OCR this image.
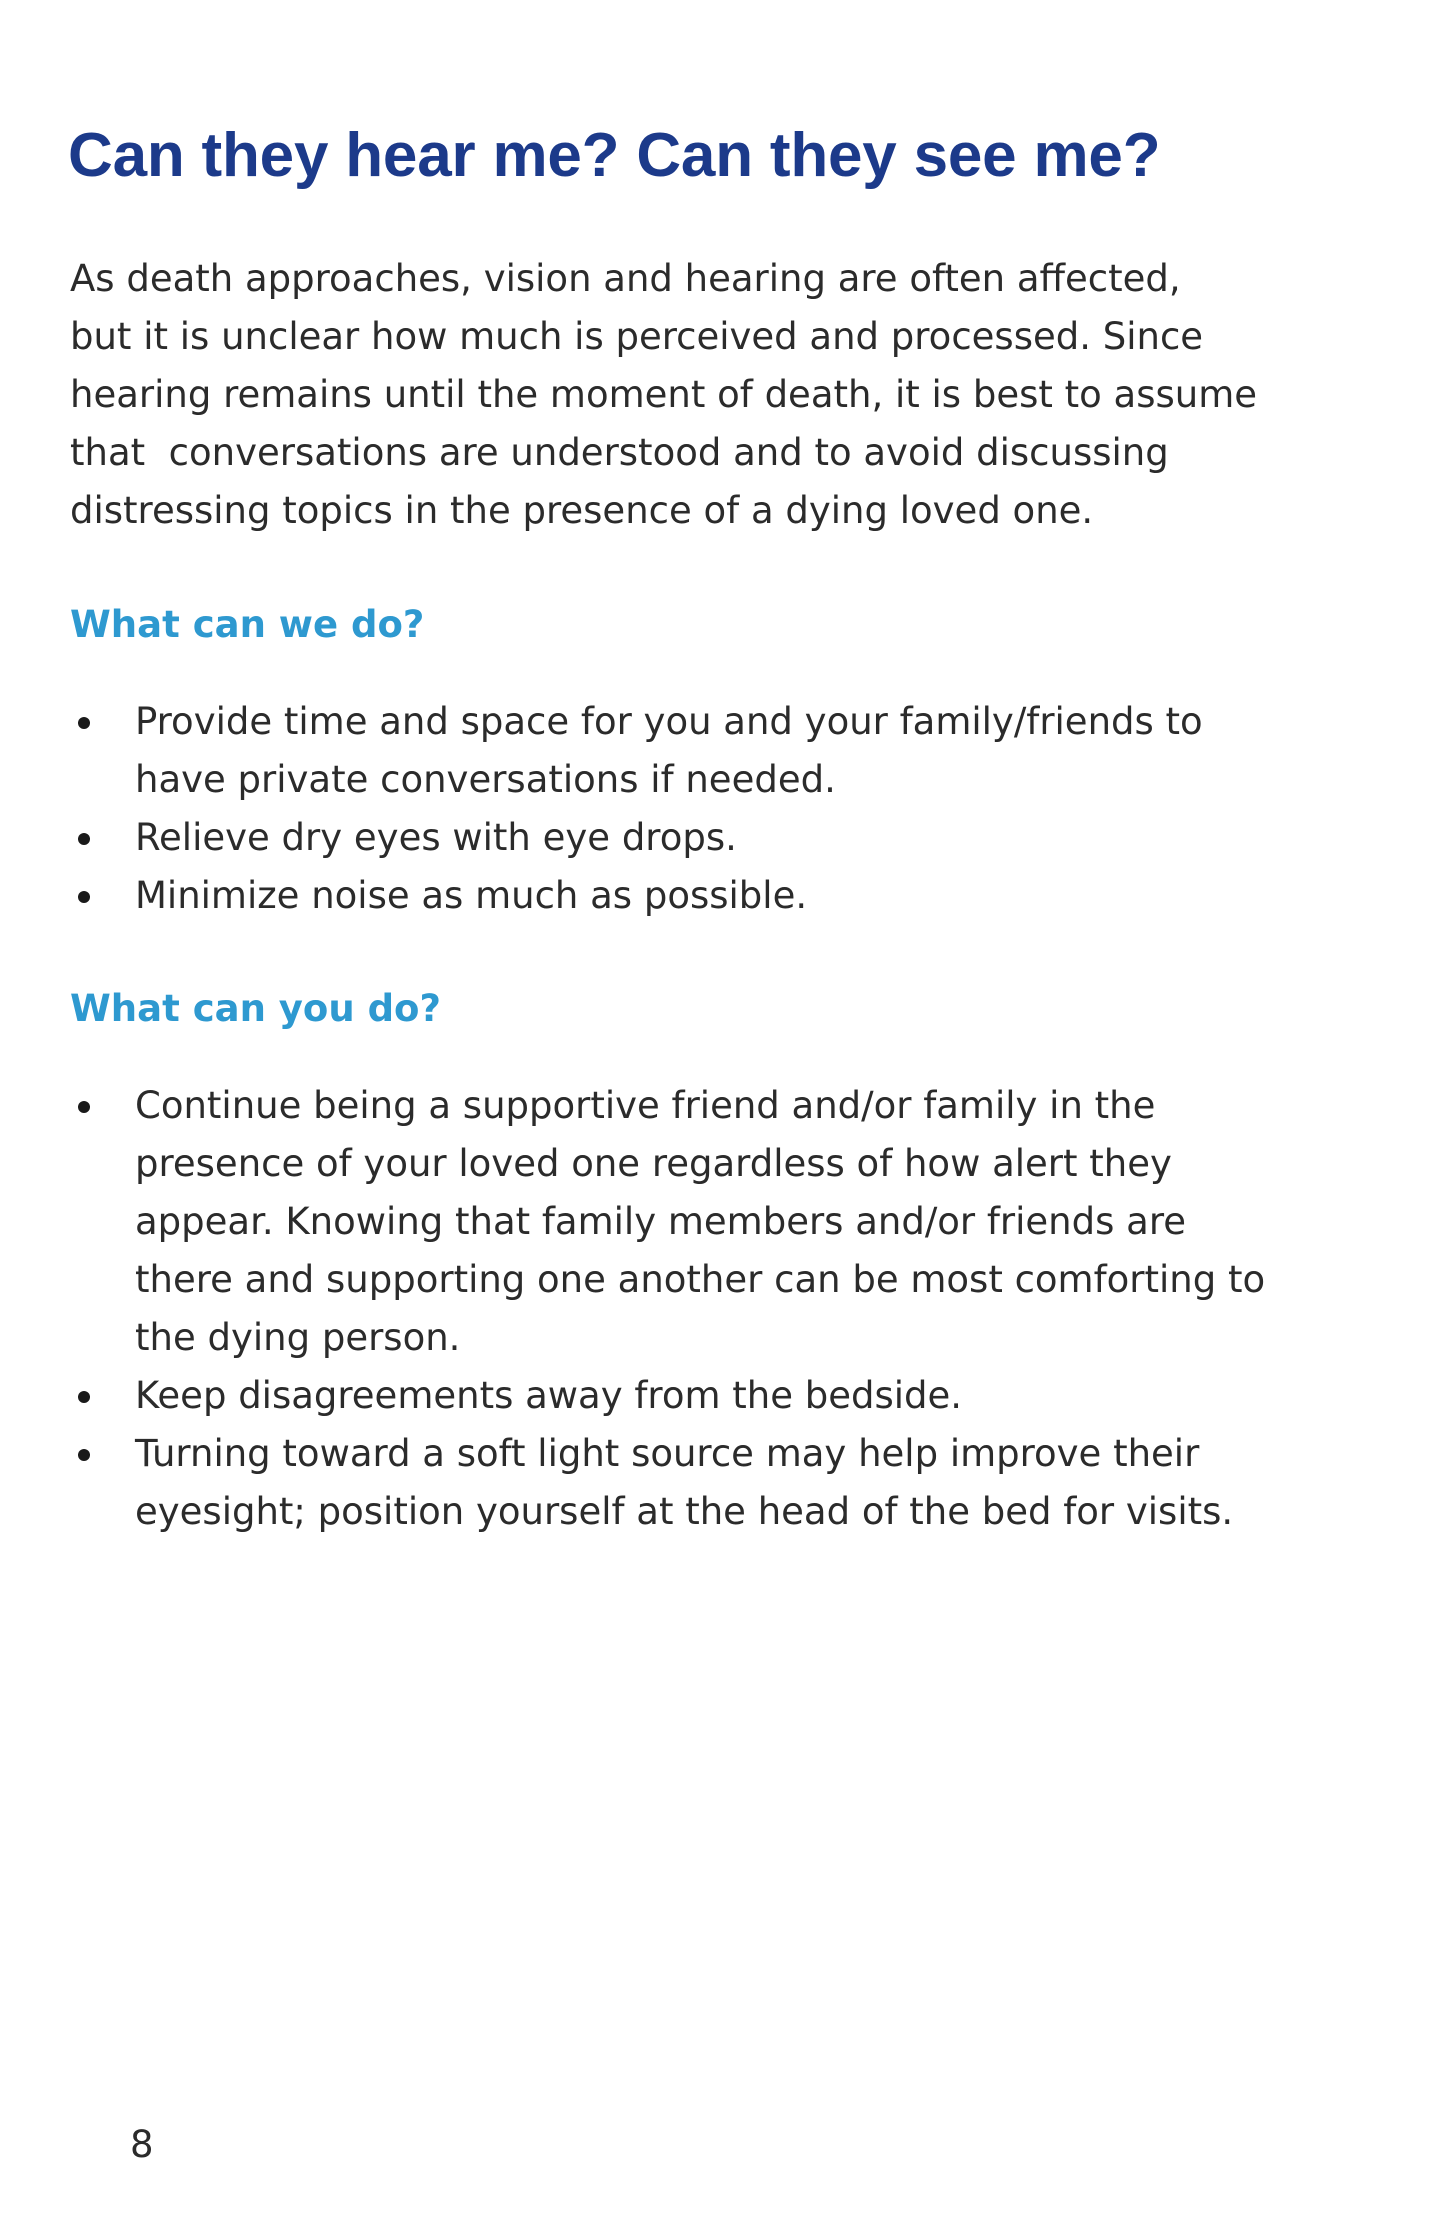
Can they hear me? Can they see me?

As death approaches, vision and hearing are often affected,
but it is unclear how much is perceived and processed. Since
hearing remains until the moment of death, it is best to assume
that  conversations are understood and to avoid discussing
distressing topics in the presence of a dying loved one.

What can we do?
Provide time and space for you and your family/friends to
have private conversations if needed.
Relieve dry eyes with eye drops.
Minimize noise as much as possible.
What can you do?
Continue being a supportive friend and/or family in the
presence of your loved one regardless of how alert they
appear. Knowing that family members and/or friends are
there and supporting one another can be most comforting to
the dying person.
Keep disagreements away from the bedside.
Turning toward a soft light source may help improve their
eyesight; position yourself at the head of the bed for visits.

8
